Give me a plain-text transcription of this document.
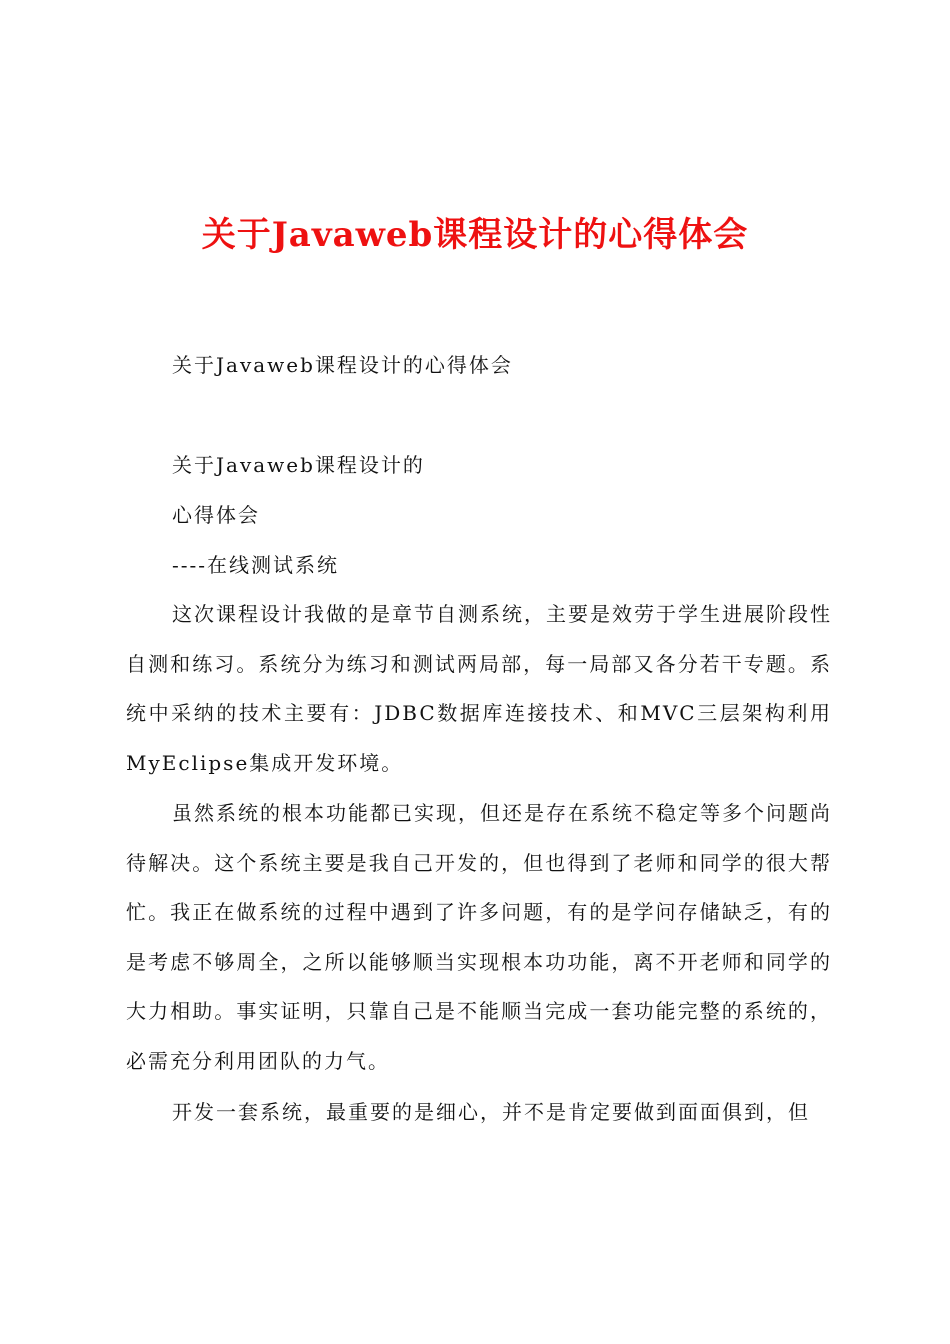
关于Javaweb课程设计的心得体会
关于Javaweb课程设计的心得体会
关于Javaweb课程设计的
心得体会
----在线测试系统

这次课程设计我做的是章节自测系统，主要是效劳于学生进展阶段性自测和练习。系统分为练习和测试两局部，每一局部又各分若干专题。系统中采纳的技术主要有：JDBC数据库连接技术、和MVC三层架构利用MyEclipse集成开发环境。

虽然系统的根本功能都已实现，但还是存在系统不稳定等多个问题尚待解决。这个系统主要是我自己开发的，但也得到了老师和同学的很大帮忙。我正在做系统的过程中遇到了许多问题，有的是学问存储缺乏，有的是考虑不够周全，之所以能够顺当实现根本功功能，离不开老师和同学的大力相助。事实证明，只靠自己是不能顺当完成一套功能完整的系统的，必需充分利用团队的力气。

开发一套系统，最重要的是细心，并不是肯定要做到面面俱到，但
